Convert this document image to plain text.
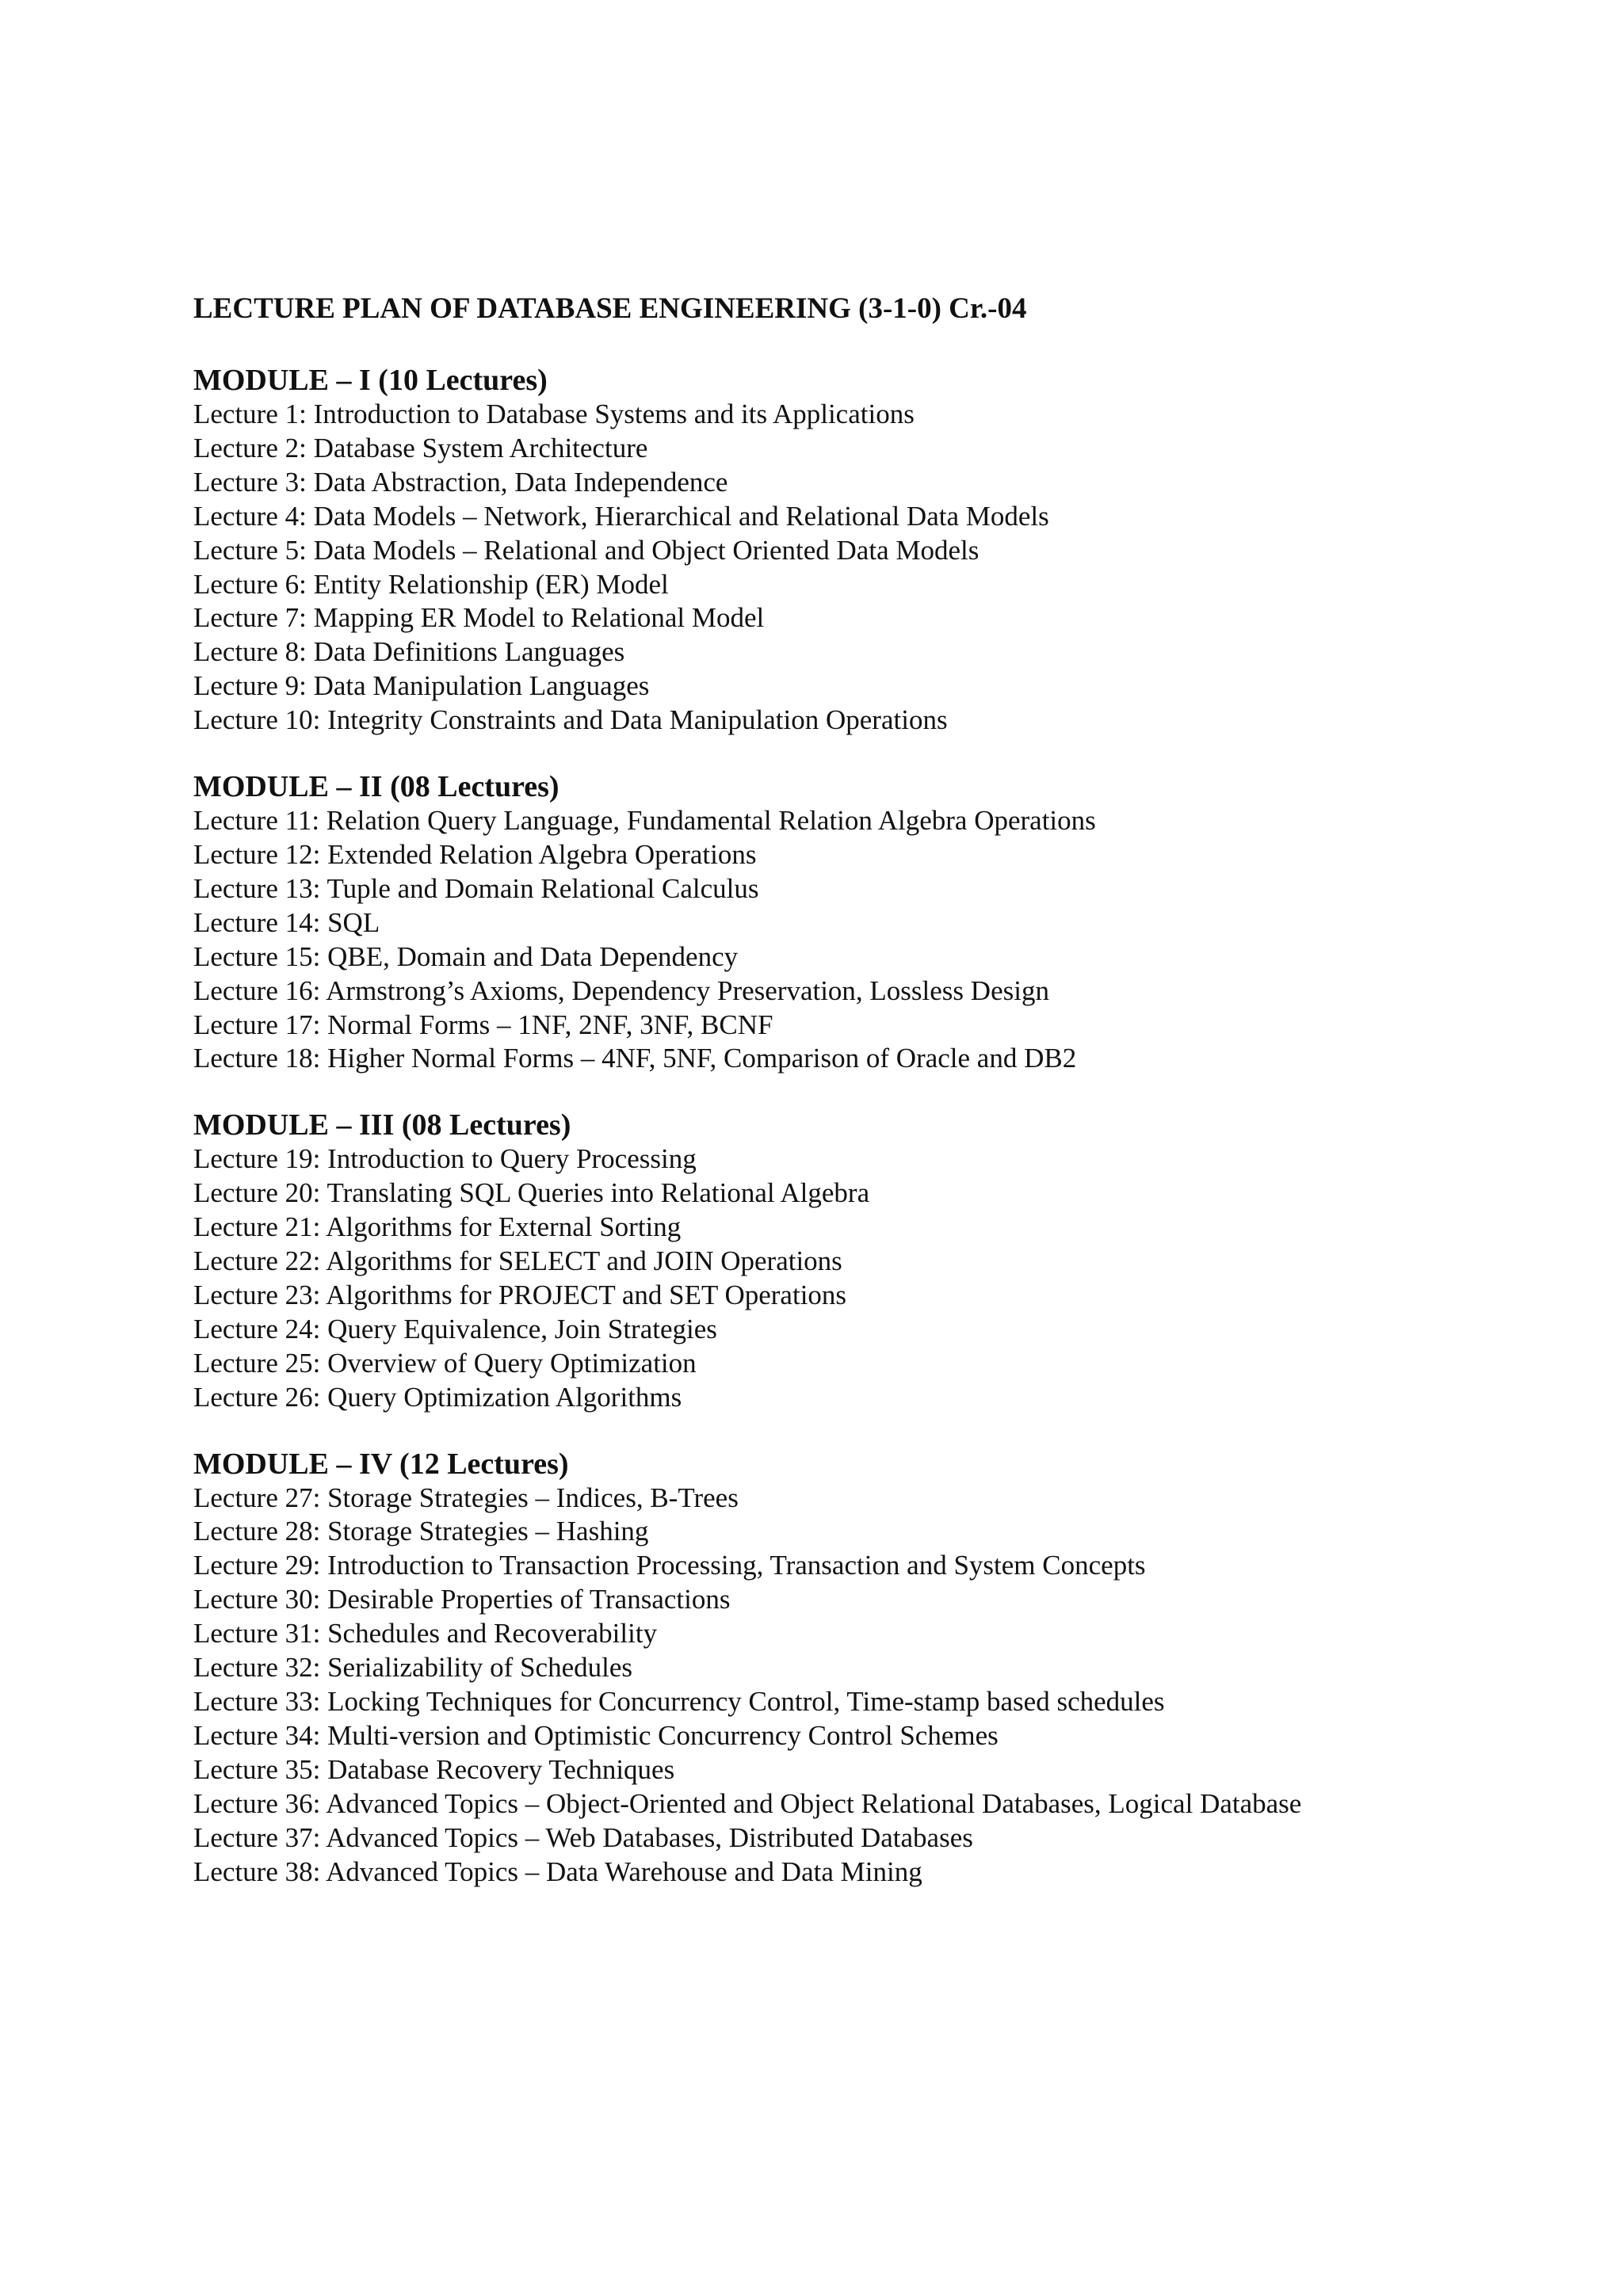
LECTURE PLAN OF DATABASE ENGINEERING (3-1-0) Cr.-04
MODULE – I (10 Lectures)
Lecture 1: Introduction to Database Systems and its Applications
Lecture 2: Database System Architecture
Lecture 3: Data Abstraction, Data Independence
Lecture 4: Data Models – Network, Hierarchical and Relational Data Models
Lecture 5: Data Models – Relational and Object Oriented Data Models
Lecture 6: Entity Relationship (ER) Model
Lecture 7: Mapping ER Model to Relational Model
Lecture 8: Data Definitions Languages
Lecture 9: Data Manipulation Languages
Lecture 10: Integrity Constraints and Data Manipulation Operations
MODULE – II (08 Lectures)
Lecture 11: Relation Query Language, Fundamental Relation Algebra Operations
Lecture 12: Extended Relation Algebra Operations
Lecture 13: Tuple and Domain Relational Calculus
Lecture 14: SQL
Lecture 15: QBE, Domain and Data Dependency
Lecture 16: Armstrong’s Axioms, Dependency Preservation, Lossless Design
Lecture 17: Normal Forms – 1NF, 2NF, 3NF, BCNF
Lecture 18: Higher Normal Forms – 4NF, 5NF, Comparison of Oracle and DB2
MODULE – III (08 Lectures)
Lecture 19: Introduction to Query Processing
Lecture 20: Translating SQL Queries into Relational Algebra
Lecture 21: Algorithms for External Sorting
Lecture 22: Algorithms for SELECT and JOIN Operations
Lecture 23: Algorithms for PROJECT and SET Operations
Lecture 24: Query Equivalence, Join Strategies
Lecture 25: Overview of Query Optimization
Lecture 26: Query Optimization Algorithms
MODULE – IV (12 Lectures)
Lecture 27: Storage Strategies – Indices, B-Trees
Lecture 28: Storage Strategies – Hashing
Lecture 29: Introduction to Transaction Processing, Transaction and System Concepts
Lecture 30: Desirable Properties of Transactions
Lecture 31: Schedules and Recoverability
Lecture 32: Serializability of Schedules
Lecture 33: Locking Techniques for Concurrency Control, Time-stamp based schedules
Lecture 34: Multi-version and Optimistic Concurrency Control Schemes
Lecture 35: Database Recovery Techniques
Lecture 36: Advanced Topics – Object-Oriented and Object Relational Databases, Logical Database
Lecture 37: Advanced Topics – Web Databases, Distributed Databases
Lecture 38: Advanced Topics – Data Warehouse and Data Mining
